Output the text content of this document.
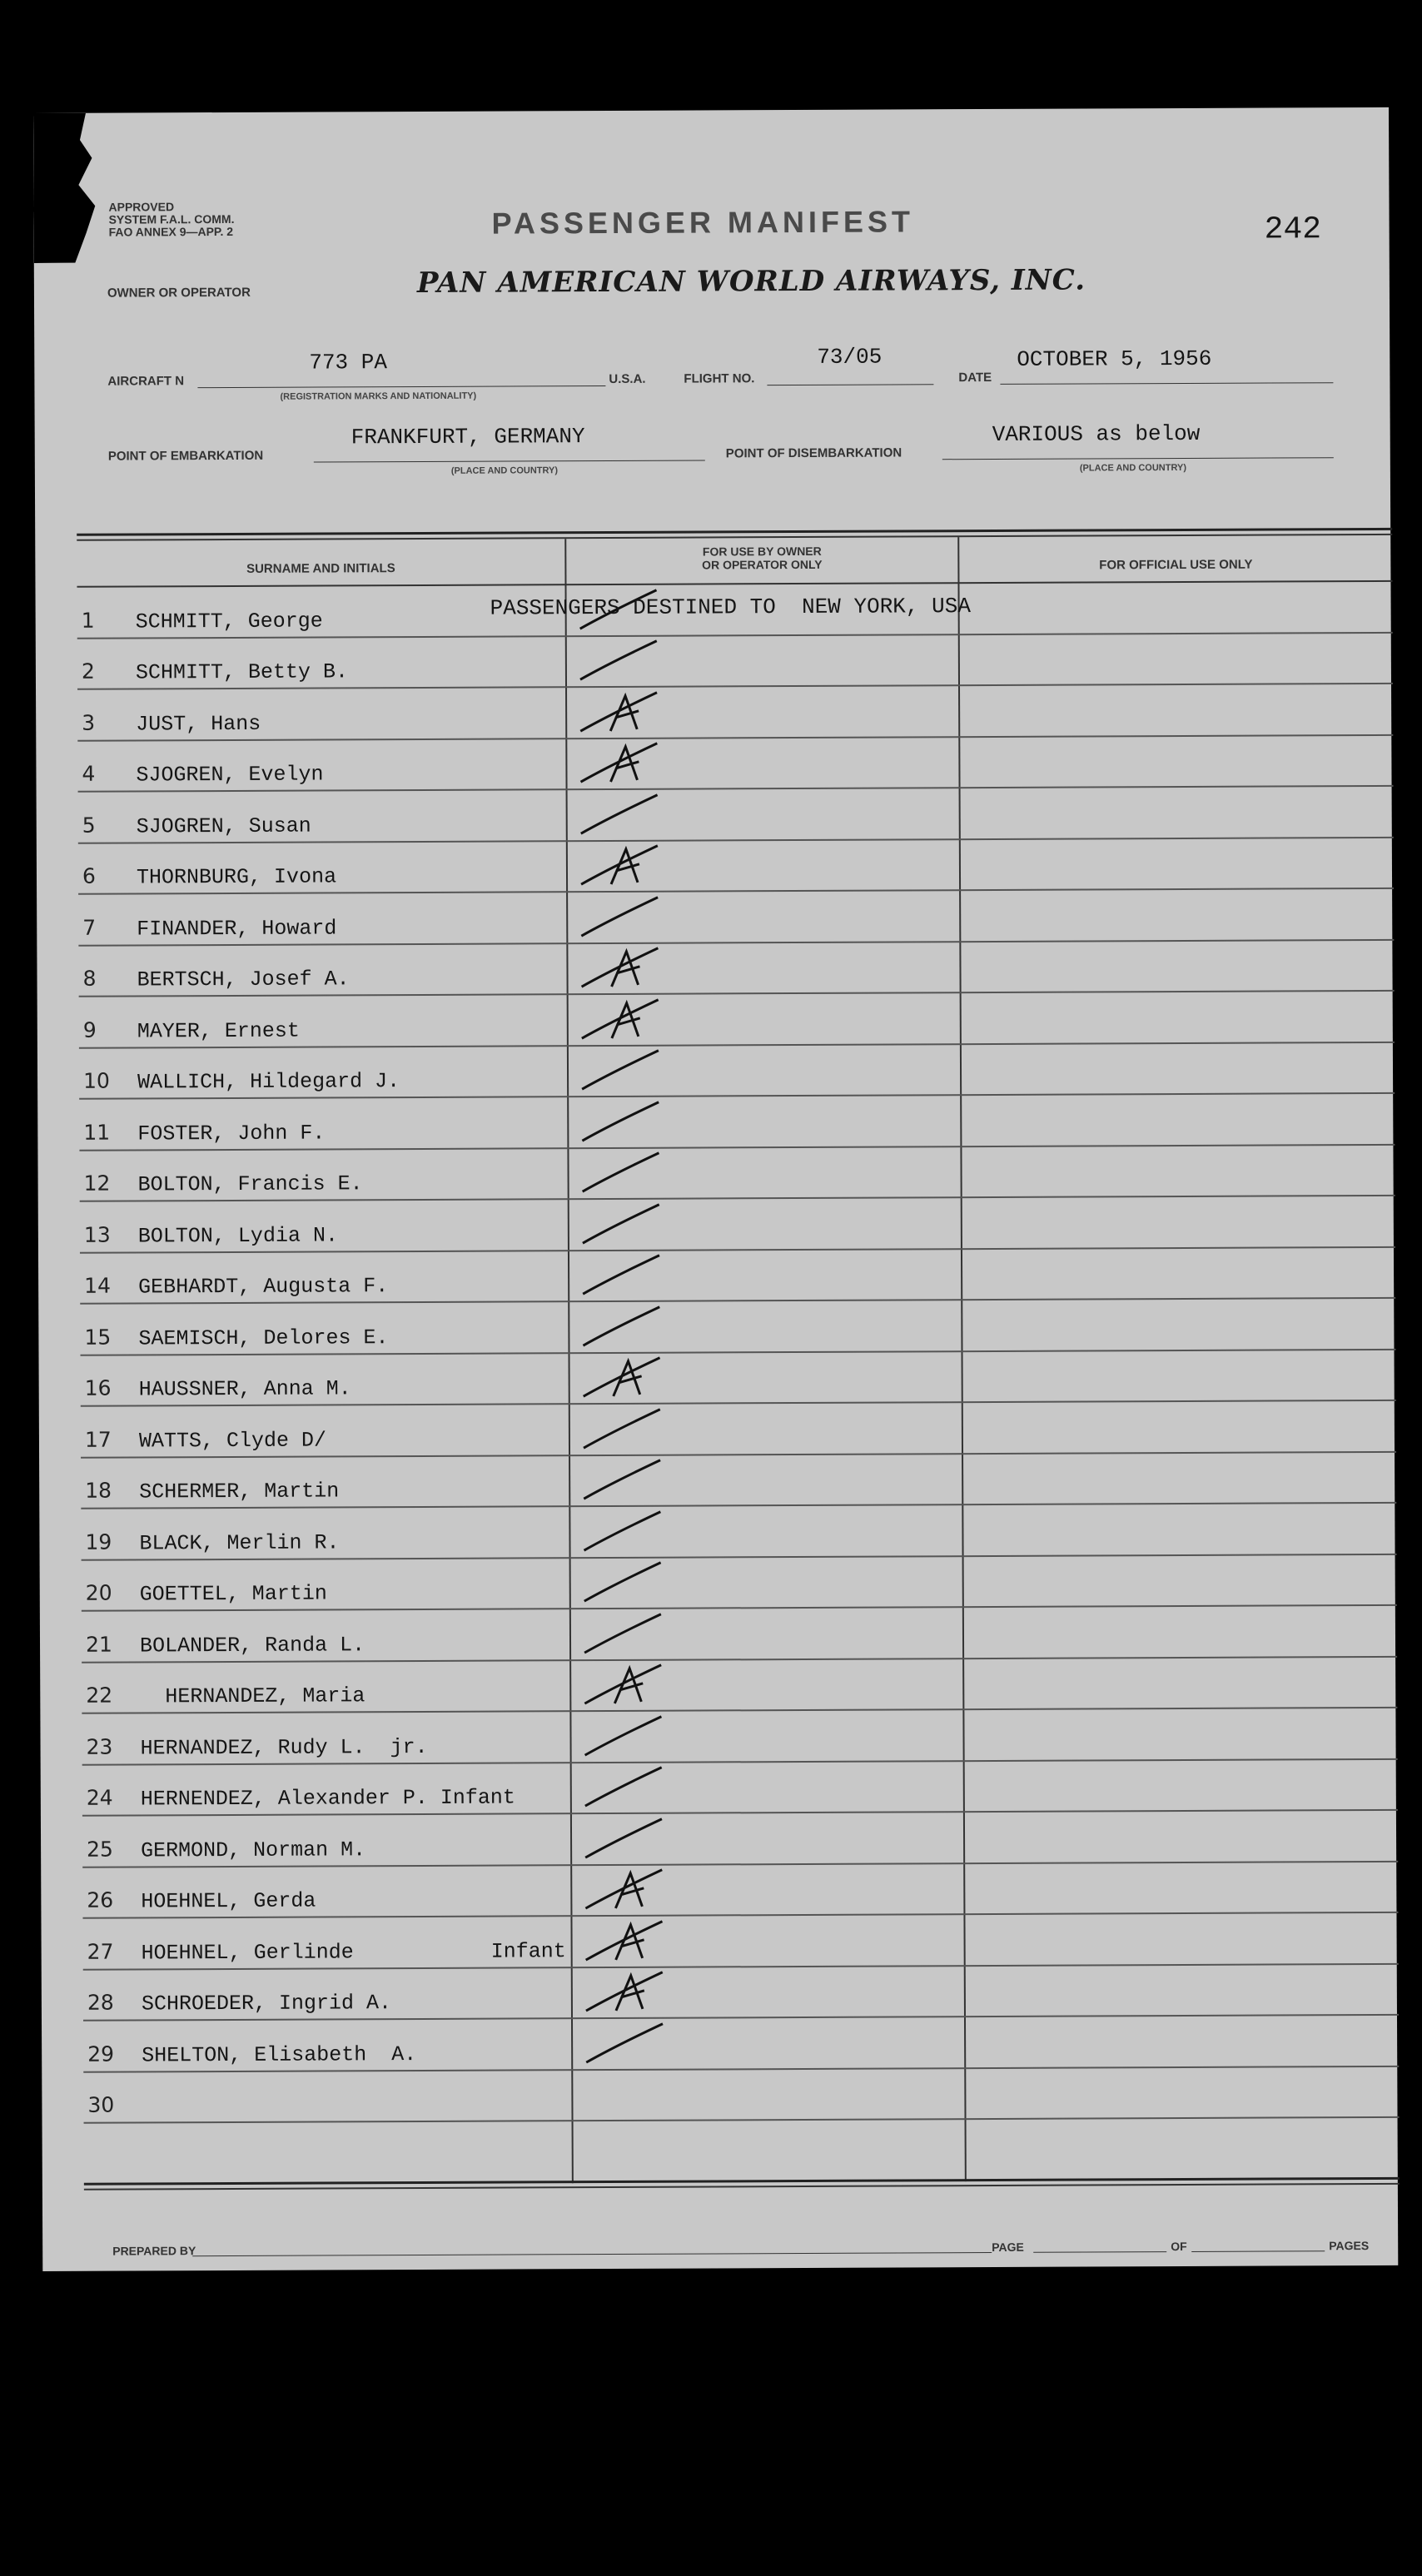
APPROVED
SYSTEM F.A.L. COMM.
FAO ANNEX 9—APP. 2
OWNER OR OPERATOR
PASSENGER MANIFEST
PAN AMERICAN WORLD AIRWAYS, INC.
242
AIRCRAFT N
773 PA
(REGISTRATION MARKS AND NATIONALITY)
U.S.A.	FLIGHT NO.
73/05
DATE
OCTOBER 5, 1956
POINT OF EMBARKATION
FRANKFURT, GERMANY
(PLACE AND COUNTRY)
POINT OF DISEMBARKATION
VARIOUS as below
(PLACE AND COUNTRY)
SURNAME AND INITIALS
FOR USE BY OWNER
OR OPERATOR ONLY	FOR OFFICIAL USE ONLY
1 SCHMITT, George
2 SCHMITT, Betty B.
3 JUST, Hans
4 SJOGREN, Evelyn
5 SJOGREN, Susan
6 THORNBURG, Ivona
7 FINANDER, Howard
8 BERTSCH, Josef A.
9 MAYER, Ernest
10 WALLICH, Hildegard J.
11 FOSTER, John F.
12 BOLTON, Francis E.
13 BOLTON, Lydia N.
14 GEBHARDT, Augusta F.
15 SAEMISCH, Delores E.
16 HAUSSNER, Anna M.
17 WATTS, Clyde D/
18 SCHERMER, Martin
19 BLACK, Merlin R.
20 GOETTEL, Martin
21 BOLANDER, Randa L.
22 HERNANDEZ, Maria
23 HERNANDEZ, Rudy L.  jr.
24 HERNENDEZ, Alexander P. Infant
25 GERMOND, Norman M.
26 HOEHNEL, Gerda
27 HOEHNEL, Gerlinde           Infant
28 SCHROEDER, Ingrid A.
29 SHELTON, Elisabeth  A.
30
PASSENGERS DESTINED TO  NEW YORK, USA
PREPARED BY	PAGE	OF	PAGES
